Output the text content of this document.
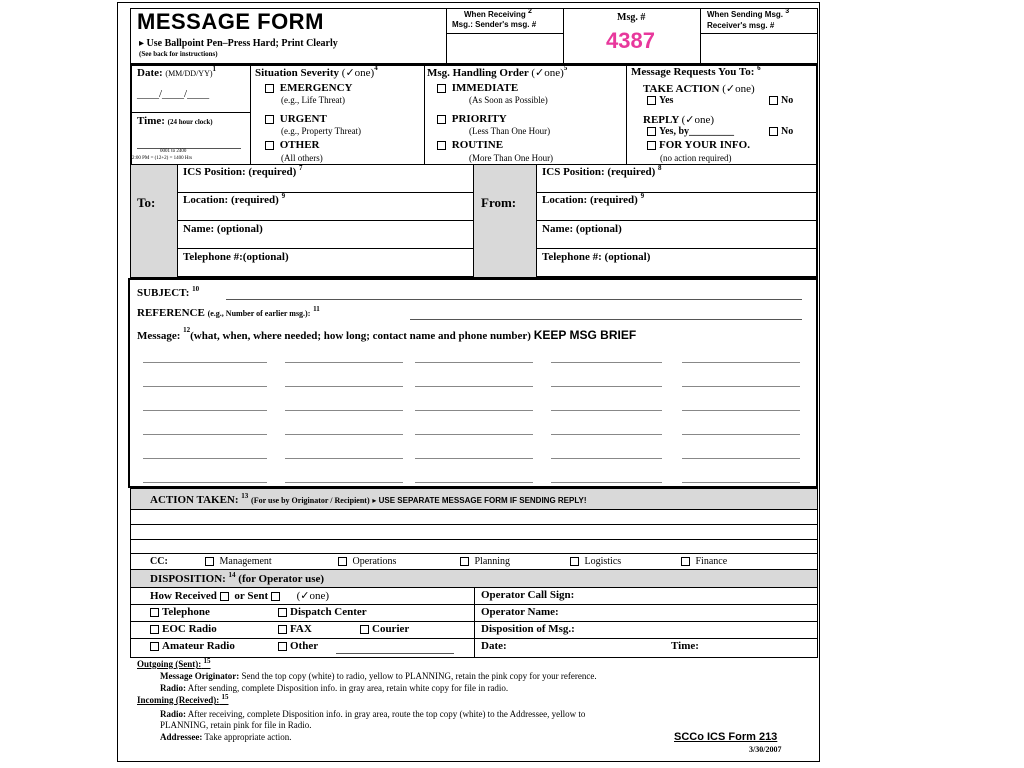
MESSAGE FORM
▸ Use Ballpoint Pen–Press Hard; Print Clearly
(See back for instructions)
When Receiving 2
Msg.: Sender's msg. #
Msg. #
4387
When Sending Msg. 3
Receiver's msg. #
Date: $(MM/DD/YY)^1$
____/____/____
Time: (24 hour clock)
0001 to 2400
2:00 PM = (12+2) = 1400 Hrs
Situation Severity (✓one)$^4$
EMERGENCY
(e.g., Life Threat)
URGENT
(e.g., Property Threat)
OTHER
(All others)
Msg. Handling Order (✓one)$^5$
IMMEDIATE
(As Soon as Possible)
PRIORITY
(Less Than One Hour)
ROUTINE
(More Than One Hour)
Message Requests You To: $^6$
TAKE ACTION (✓one)
Yes	No
REPLY (✓one)
Yes, by_________	No
FOR YOUR INFO.
(no action required)
To:
ICS Position: (required) $^7$
Location: (required) $^9$
Name: (optional)
Telephone #:(optional)
From:
ICS Position: (required) $^8$
Location: (required) $^9$
Name: (optional)
Telephone #: (optional)
SUBJECT: $^{10}$
REFERENCE (e.g., Number of earlier msg.): $^{11}$
Message: $^{12}$(what, when, where needed; how long; contact name and phone number) KEEP MSG BRIEF
ACTION TAKEN: $^{13}$ (For use by Originator / Recipient) ▸ USE SEPARATE MESSAGE FORM IF SENDING REPLY!
CC:	Management	Operations	Planning	Logistics	Finance
DISPOSITION: $^{14}$ (for Operator use)
How Received or Sent	(✓one)
Telephone	Dispatch Center
EOC Radio	FAX	Courier
Amateur Radio	Other
Operator Call Sign:
Operator Name:
Disposition of Msg.:
Date:	Time:
Outgoing (Sent): $^{15}$
Message Originator: Send the top copy (white) to radio, yellow to PLANNING, retain the pink copy for your reference.
Radio: After sending, complete Disposition info. in gray area, retain white copy for file in radio.
Incoming (Received): $^{15}$
Radio: After receiving, complete Disposition info. in gray area, route the top copy (white) to the Addressee, yellow to
PLANNING, retain pink for file in Radio.
Addressee: Take appropriate action.	SCCo ICS Form 213
3/30/2007
